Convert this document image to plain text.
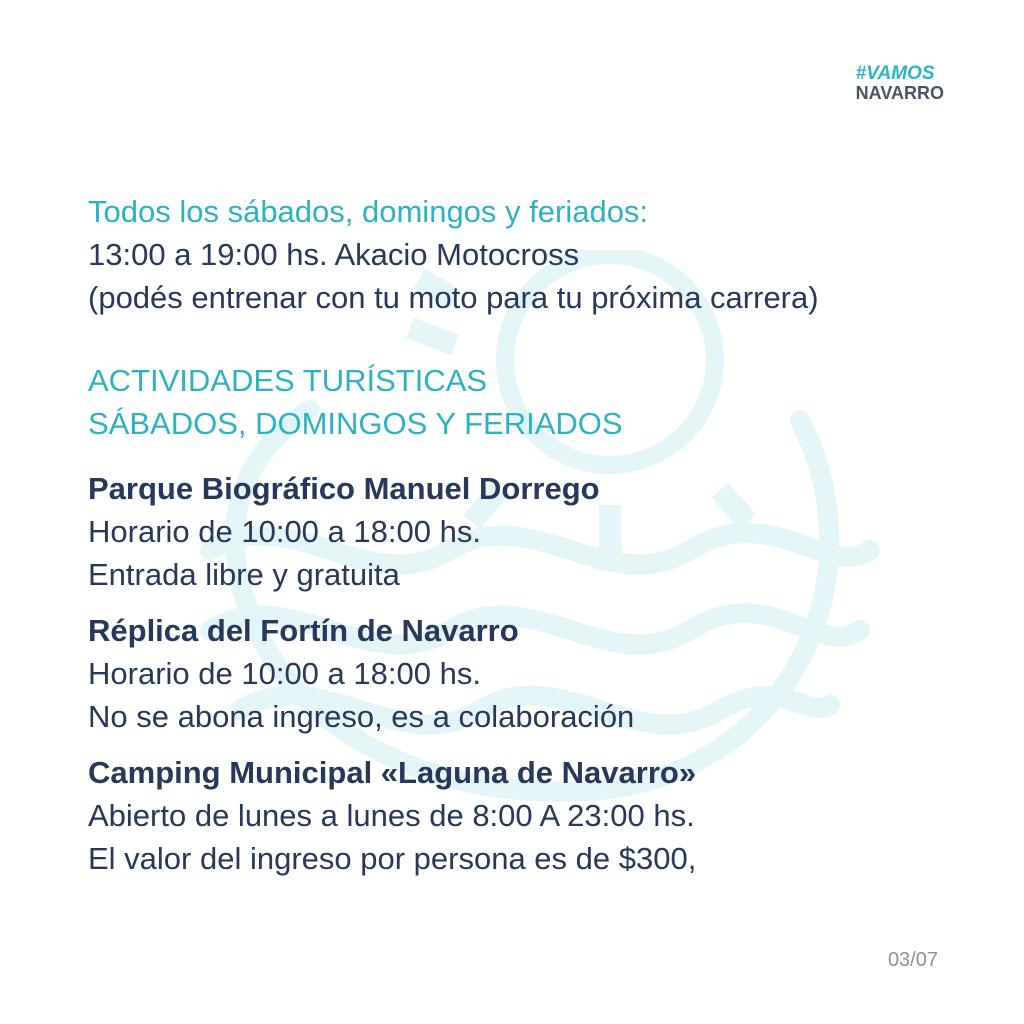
#VAMOS
NAVARRO
Todos los sábados, domingos y feriados:
13:00 a 19:00 hs. Akacio Motocross
(podés entrenar con tu moto para tu próxima carrera)
ACTIVIDADES TURÍSTICAS
SÁBADOS, DOMINGOS Y FERIADOS
Parque Biográfico Manuel Dorrego
Horario de 10:00 a 18:00 hs.
Entrada libre y gratuita
Réplica del Fortín de Navarro
Horario de 10:00 a 18:00 hs.
No se abona ingreso, es a colaboración
Camping Municipal «Laguna de Navarro»
Abierto de lunes a lunes de 8:00 A 23:00 hs.
El valor del ingreso por persona es de $300,
03/07
